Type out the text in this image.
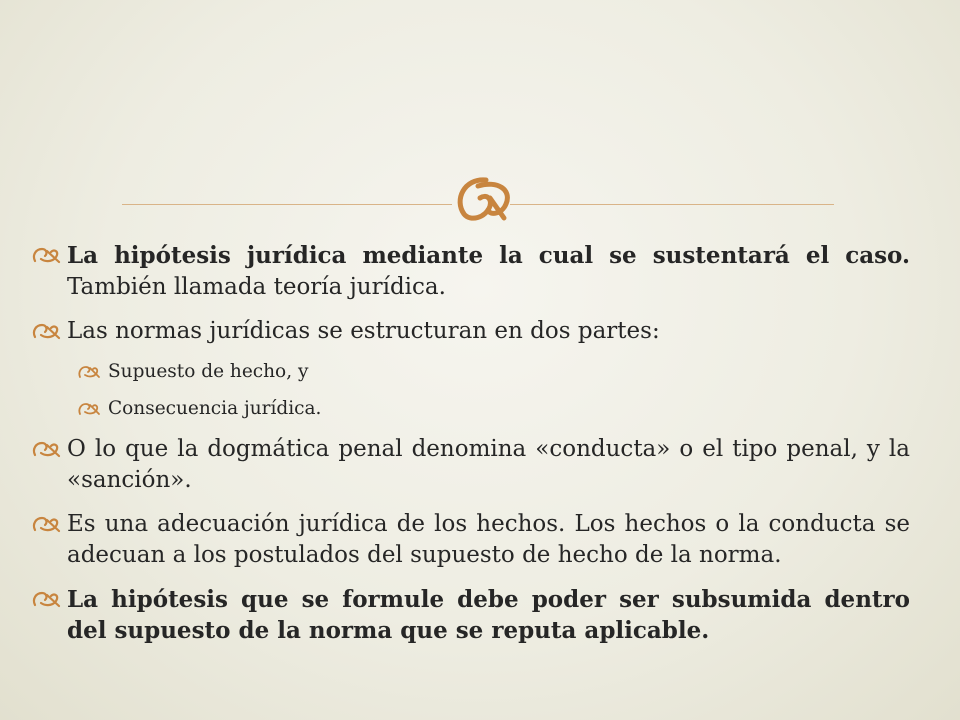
La hipótesis jurídica mediante la cual se sustentará el caso. También llamada teoría jurídica.
Las normas jurídicas se estructuran en dos partes:
Supuesto de hecho, y
Consecuencia jurídica.
O lo que la dogmática penal denomina «conducta» o el tipo penal, y la «sanción».
Es una adecuación jurídica de los hechos. Los hechos o la conducta se adecuan a los postulados del supuesto de hecho de la norma.
La hipótesis que se formule debe poder ser subsumida dentro del supuesto de la norma que se reputa aplicable.
